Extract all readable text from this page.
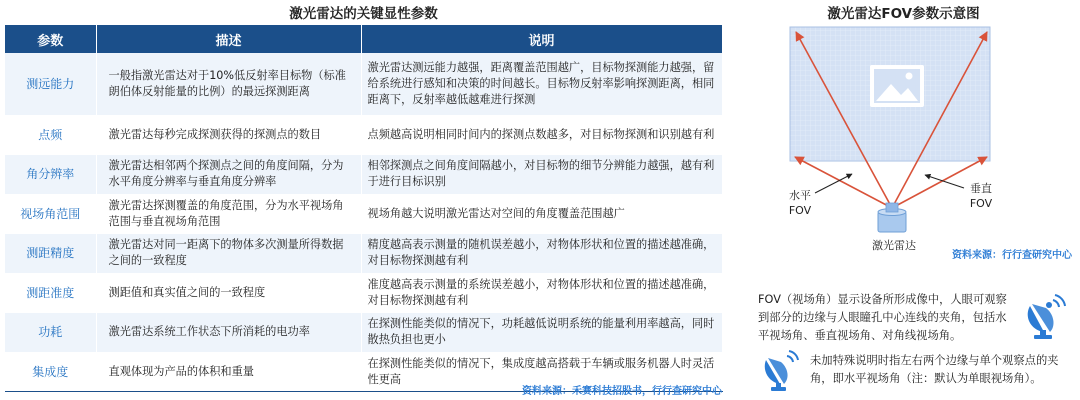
激光雷达的关键显性参数
参数	描述	说明
测远能力	一般指激光雷达对于10%低反射率目标物（标准朗伯体反射能量的比例）的最远探测距离	激光雷达测远能力越强，距离覆盖范围越广，目标物探测能力越强，留给系统进行感知和决策的时间越长。目标物反射率影响探测距离，相同距离下，反射率越低越难进行探测
点频	激光雷达每秒完成探测获得的探测点的数目	点频越高说明相同时间内的探测点数越多，对目标物探测和识别越有利
角分辨率	激光雷达相邻两个探测点之间的角度间隔，分为水平角度分辨率与垂直角度分辨率	相邻探测点之间角度间隔越小，对目标物的细节分辨能力越强，越有利于进行目标识别
视场角范围	激光雷达探测覆盖的角度范围，分为水平视场角范围与垂直视场角范围	视场角越大说明激光雷达对空间的角度覆盖范围越广
测距精度	激光雷达对同一距离下的物体多次测量所得数据之间的一致程度	精度越高表示测量的随机误差越小，对物体形状和位置的描述越准确，对目标物探测越有利
测距准度	测距值和真实值之间的一致程度	准度越高表示测量的系统误差越小，对物体形状和位置的描述越准确，对目标物探测越有利
功耗	激光雷达系统工作状态下所消耗的电功率	在探测性能类似的情况下，功耗越低说明系统的能量利用率越高，同时散热负担也更小
集成度	直观体现为产品的体积和重量	在探测性能类似的情况下，集成度越高搭载于车辆或服务机器人时灵活性更高
资料来源：禾赛科技招股书，行行查研究中心
激光雷达FOV参数示意图
水平
FOV
垂直
FOV
激光雷达
资料来源：行行查研究中心
FOV（视场角）显示设备所形成像中，人眼可观察到部分的边缘与人眼瞳孔中心连线的夹角，包括水平视场角、垂直视场角、对角线视场角。
未加特殊说明时指左右两个边缘与单个观察点的夹角，即水平视场角（注：默认为单眼视场角）。
